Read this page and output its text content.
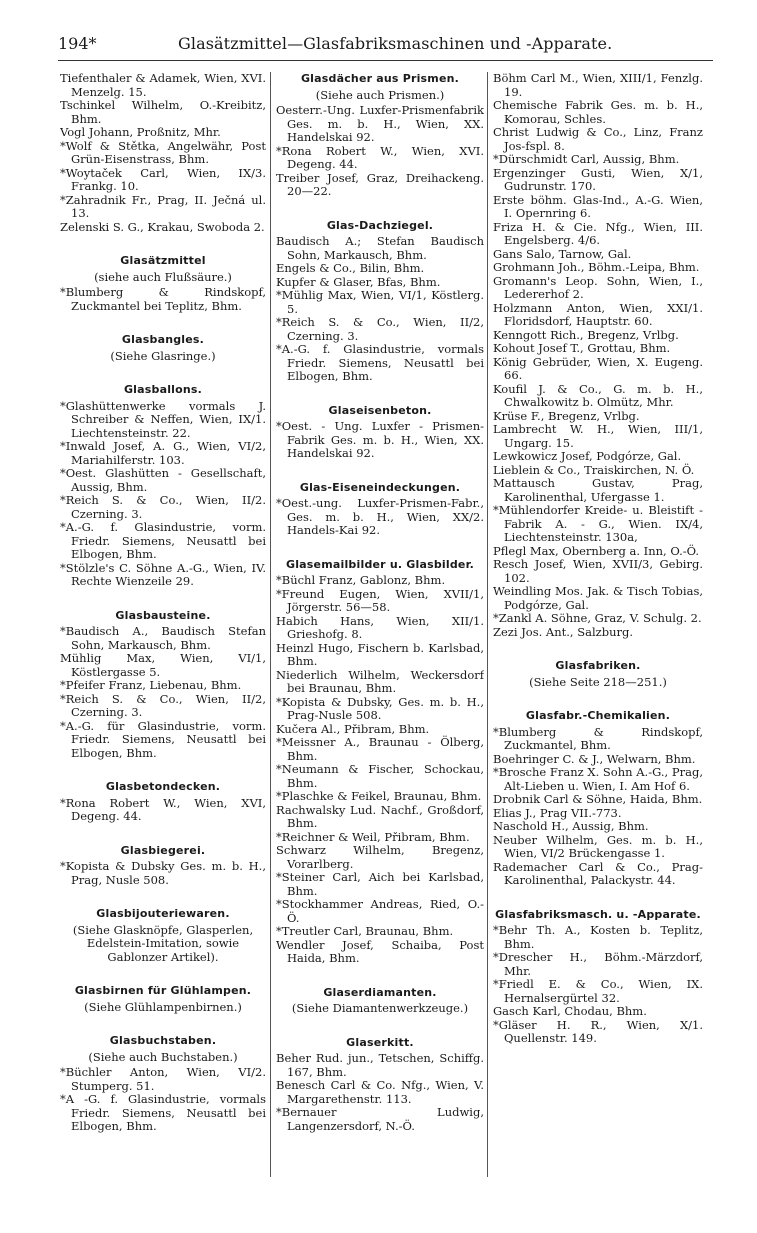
194*	Glasätzmittel—Glasfabriksmaschinen und -Apparate.

Tiefenthaler & Adamek, Wien, XVI. Menzelg. 15.

Tschinkel Wilhelm, O.-Kreibitz, Bhm.

Vogl Johann, Proßnitz, Mhr.

*Wolf & Stětka, Angelwähr, Post Grün-Eisenstrass, Bhm.

*Woytaček Carl, Wien, IX/3. Frankg. 10.

*Zahradnik Fr., Prag, II. Ječná ul. 13.

Zelenski S. G., Krakau, Swoboda 2.

Glasätzmittel

(siehe auch Flußsäure.)

*Blumberg & Rindskopf, Zuckmantel bei Teplitz, Bhm.

Glasbangles.

(Siehe Glasringe.)

Glasballons.

*Glashüttenwerke vormals J. Schreiber & Neffen, Wien, IX/1. Liechtensteinstr. 22.

*Inwald Josef, A. G., Wien, VI/2, Mariahilferstr. 103.

*Oest. Glashütten - Gesellschaft, Aussig, Bhm.

*Reich S. & Co., Wien, II/2. Czerning. 3.

*A.-G. f. Glasindustrie, vorm. Friedr. Siemens, Neusattl bei Elbogen, Bhm.

*Stölzle's C. Söhne A.-G., Wien, IV. Rechte Wienzeile 29.

Glasbausteine.

*Baudisch A., Baudisch Stefan Sohn, Markausch, Bhm.

Mühlig Max, Wien, VI/1, Köstlergasse 5.

*Pfeifer Franz, Liebenau, Bhm.

*Reich S. & Co., Wien, II/2, Czerning. 3.

*A.-G. für Glasindustrie, vorm. Friedr. Siemens, Neusattl bei Elbogen, Bhm.

Glasbetondecken.

*Rona Robert W., Wien, XVI, Degeng. 44.

Glasbiegerei.

*Kopista & Dubsky Ges. m. b. H., Prag, Nusle 508.

Glasbijouteriewaren.

(Siehe Glasknöpfe, Glasperlen, Edelstein-Imitation, sowie Gablonzer Artikel).

Glasbirnen für Glühlampen.

(Siehe Glühlampenbirnen.)

Glasbuchstaben.

(Siehe auch Buchstaben.)

*Büchler Anton, Wien, VI/2. Stumperg. 51.

*A -G. f. Glasindustrie, vormals Friedr. Siemens, Neusattl bei Elbogen, Bhm.

Glasdächer aus Prismen.

(Siehe auch Prismen.)

Oesterr.-Ung. Luxfer-Prismenfabrik Ges. m. b. H., Wien, XX. Handelskai 92.

*Rona Robert W., Wien, XVI. Degeng. 44.

Treiber Josef, Graz, Dreihackeng. 20—22.

Glas-Dachziegel.

Baudisch A.; Stefan Baudisch Sohn, Markausch, Bhm.

Engels & Co., Bilin, Bhm.

Kupfer & Glaser, Bfas, Bhm.

*Mühlig Max, Wien, VI/1, Köstlerg. 5.

*Reich S. & Co., Wien, II/2, Czerning. 3.

*A.-G. f. Glasindustrie, vormals Friedr. Siemens, Neusattl bei Elbogen, Bhm.

Glaseisenbeton.

*Oest. - Ung. Luxfer - Prismen-Fabrik Ges. m. b. H., Wien, XX. Handelskai 92.

Glas-Eiseneindeckungen.

*Oest.-ung. Luxfer-Prismen-Fabr., Ges. m. b. H., Wien, XX/2. Handels-Kai 92.

Glasemailbilder u. Glasbilder.

*Büchl Franz, Gablonz, Bhm.

*Freund Eugen, Wien, XVII/1, Jörgerstr. 56—58.

Habich Hans, Wien, XII/1. Grieshofg. 8.

Heinzl Hugo, Fischern b. Karlsbad, Bhm.

Niederlich Wilhelm, Weckersdorf bei Braunau, Bhm.

*Kopista & Dubsky, Ges. m. b. H., Prag-Nusle 508.

Kučera Al., Přibram, Bhm.

*Meissner A., Braunau - Ölberg, Bhm.

*Neumann & Fischer, Schockau, Bhm.

*Plaschke & Feikel, Braunau, Bhm.

Rachwalsky Lud. Nachf., Großdorf, Bhm.

*Reichner & Weil, Přibram, Bhm.

Schwarz Wilhelm, Bregenz, Vorarlberg.

*Steiner Carl, Aich bei Karlsbad, Bhm.

*Stockhammer Andreas, Ried, O.-Ö.

*Treutler Carl, Braunau, Bhm.

Wendler Josef, Schaiba, Post Haida, Bhm.

Glaserdiamanten.

(Siehe Diamantenwerkzeuge.)

Glaserkitt.

Beher Rud. jun., Tetschen, Schiffg. 167, Bhm.

Benesch Carl & Co. Nfg., Wien, V. Margarethenstr. 113.

*Bernauer Ludwig, Langenzersdorf, N.-Ö.

Böhm Carl M., Wien, XIII/1, Fenzlg. 19.

Chemische Fabrik Ges. m. b. H., Komorau, Schles.

Christ Ludwig & Co., Linz, Franz Jos-fspl. 8.

*Dürschmidt Carl, Aussig, Bhm.

Ergenzinger Gusti, Wien, X/1, Gudrunstr. 170.

Erste böhm. Glas-Ind., A.-G. Wien, I. Opernring 6.

Friza H. & Cie. Nfg., Wien, III. Engelsberg. 4/6.

Gans Salo, Tarnow, Gal.

Grohmann Joh., Böhm.-Leipa, Bhm.

Gromann's Leop. Sohn, Wien, I., Ledererhof 2.

Holzmann Anton, Wien, XXI/1. Floridsdorf, Hauptstr. 60.

Kenngott Rich., Bregenz, Vrlbg.

Kohout Josef T., Grottau, Bhm.

König Gebrüder, Wien, X. Eugeng. 66.

Koufil J. & Co., G. m. b. H., Chwalkowitz b. Olmütz, Mhr.

Krüse F., Bregenz, Vrlbg.

Lambrecht W. H., Wien, III/1, Ungarg. 15.

Lewkowicz Josef, Podgórze, Gal.

Lieblein & Co., Traiskirchen, N. Ö.

Mattausch Gustav, Prag, Karolinenthal, Ufergasse 1.

*Mühlendorfer Kreide- u. Bleistift - Fabrik A. - G., Wien. IX/4, Liechtensteinstr. 130a,

Pflegl Max, Obernberg a. Inn, O.-Ö.

Resch Josef, Wien, XVII/3, Gebirg. 102.

Weindling Mos. Jak. & Tisch Tobias, Podgórze, Gal.

*Zankl A. Söhne, Graz, V. Schulg. 2.

Zezi Jos. Ant., Salzburg.

Glasfabriken.

(Siehe Seite 218—251.)

Glasfabr.-Chemikalien.

*Blumberg & Rindskopf, Zuckmantel, Bhm.

Boehringer C. & J., Welwarn, Bhm.

*Brosche Franz X. Sohn A.-G., Prag, Alt-Lieben u. Wien, I. Am Hof 6.

Drobnik Carl & Söhne, Haida, Bhm.

Elias J., Prag VII.-773.

Naschold H., Aussig, Bhm.

Neuber Wilhelm, Ges. m. b. H., Wien, VI/2 Brückengasse 1.

Rademacher Carl & Co., Prag-Karolinenthal, Palackystr. 44.

Glasfabriksmasch. u. -Apparate.

*Behr Th. A., Kosten b. Teplitz, Bhm.

*Drescher H., Böhm.-Märzdorf, Mhr.

*Friedl E. & Co., Wien, IX. Hernalsergürtel 32.

Gasch Karl, Chodau, Bhm.

*Gläser H. R., Wien, X/1. Quellenstr. 149.
